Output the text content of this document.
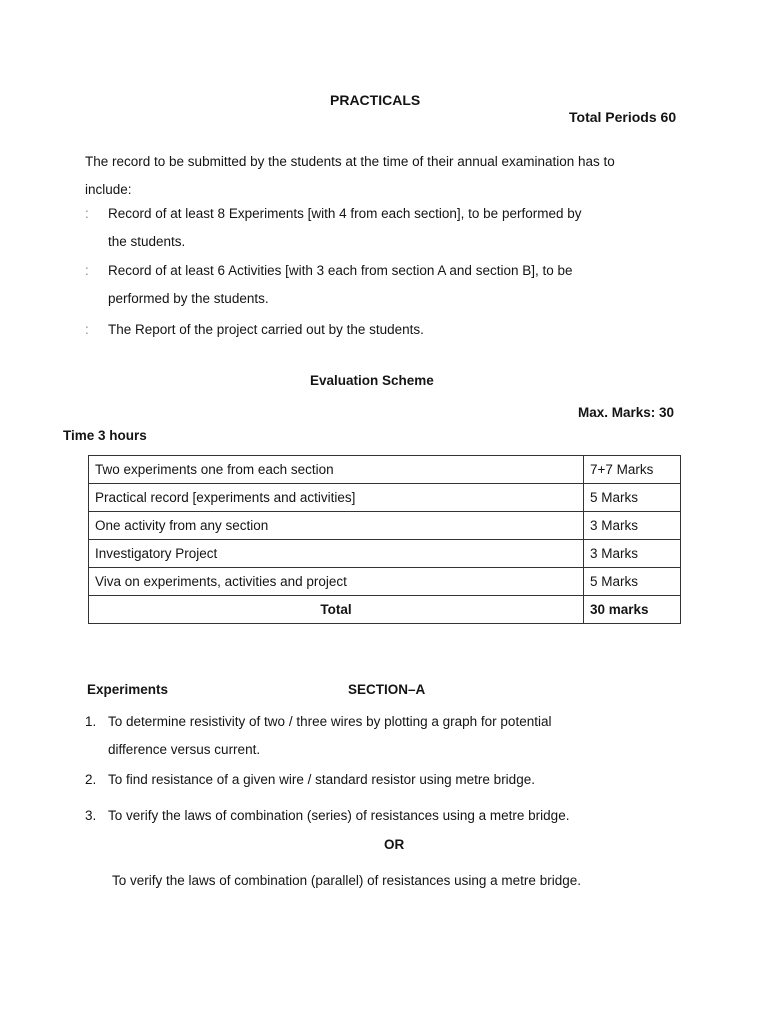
PRACTICALS
Total Periods 60
The record to be submitted by the students at the time of their annual examination has to
include:
: Record of at least 8 Experiments [with 4 from each section], to be performed by
the students.
: Record of at least 6 Activities [with 3 each from section A and section B], to be
performed by the students.
: The Report of the project carried out by the students.
Evaluation Scheme
Max. Marks: 30
Time 3 hours
Two experiments one from each section	7+7 Marks
Practical record [experiments and activities]	5 Marks
One activity from any section	3 Marks
Investigatory Project	3 Marks
Viva on experiments, activities and project	5 Marks
Total	30 marks
Experiments	SECTION–A
1. To determine resistivity of two / three wires by plotting a graph for potential
difference versus current.
2. To find resistance of a given wire / standard resistor using metre bridge.
3. To verify the laws of combination (series) of resistances using a metre bridge.
OR
To verify the laws of combination (parallel) of resistances using a metre bridge.
